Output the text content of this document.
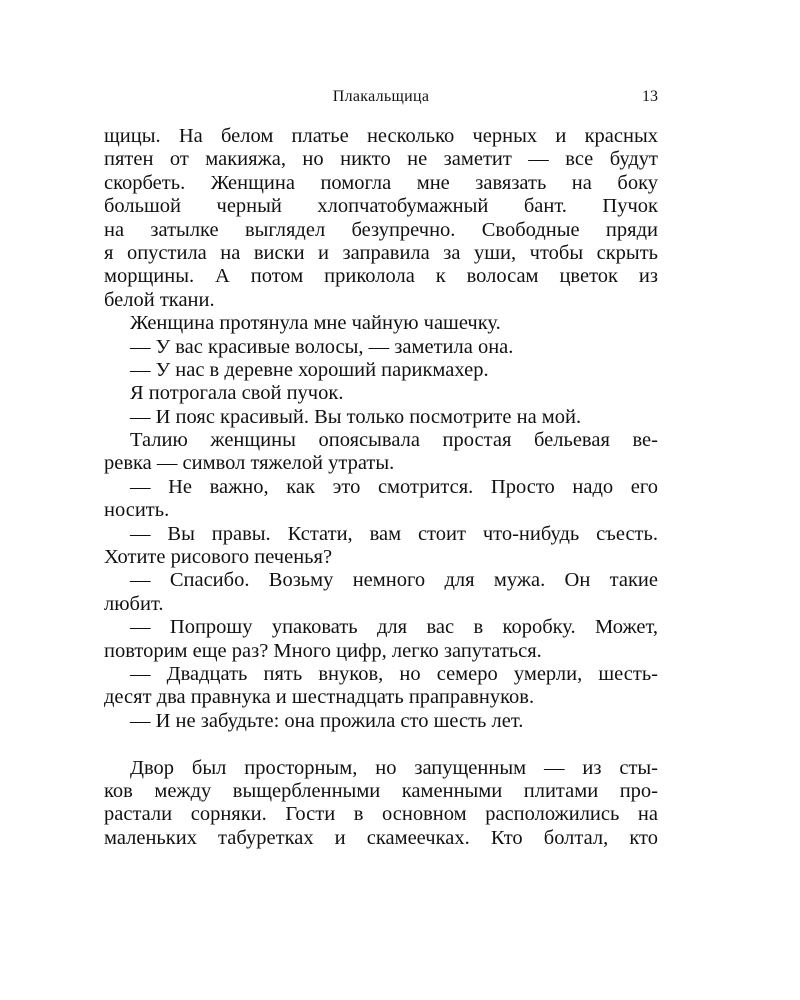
Плакальщица	13
щицы. На белом платье несколько черных и красных
пятен от макияжа, но никто не заметит — все будут
скорбеть. Женщина помогла мне завязать на боку
большой черный хлопчатобумажный бант. Пучок
на затылке выглядел безупречно. Свободные пряди
я опустила на виски и заправила за уши, чтобы скрыть
морщины. А потом приколола к волосам цветок из
белой ткани.
Женщина протянула мне чайную чашечку.
— У вас красивые волосы, — заметила она.
— У нас в деревне хороший парикмахер.
Я потрогала свой пучок.
— И пояс красивый. Вы только посмотрите на мой.
Талию женщины опоясывала простая бельевая ве-
ревка — символ тяжелой утраты.
— Не важно, как это смотрится. Просто надо его
носить.
— Вы правы. Кстати, вам стоит что-нибудь съесть.
Хотите рисового печенья?
— Спасибо. Возьму немного для мужа. Он такие
любит.
— Попрошу упаковать для вас в коробку. Может,
повторим еще раз? Много цифр, легко запутаться.
— Двадцать пять внуков, но семеро умерли, шесть-
десят два правнука и шестнадцать праправнуков.
— И не забудьте: она прожила сто шесть лет.
Двор был просторным, но запущенным — из сты-
ков между выщербленными каменными плитами про-
растали сорняки. Гости в основном расположились на
маленьких табуретках и скамеечках. Кто болтал, кто
